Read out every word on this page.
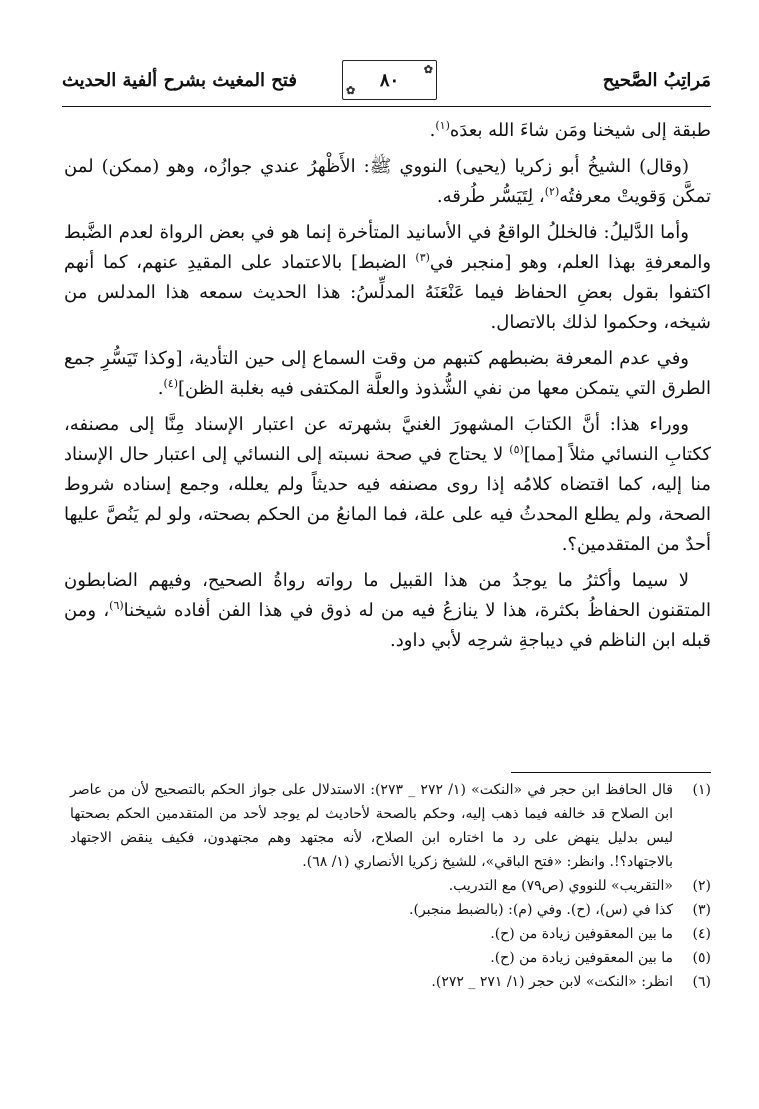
مَراتِبُ الصَّحيح
✿ ٨٠
✿
فتح المغيث بشرح ألفية الحديث

طبقة إلى شيخنا ومَن شاءَ الله بعدَه$^{(١)}$.

(وقال) الشيخُ أبو زكريا (يحيى) النووي ﷺ: الأَظْهرُ عندي جوازُه، وهو (ممكن) لمن تمكَّن وَقويتْ معرفتُه$^{(٢)}$، لِتَيَسُّر طُرقه.

وأما الدَّليلُ: فالخللُ الواقعُ في الأسانيد المتأخرة إنما هو في بعض الرواة لعدم الضَّبط والمعرفةِ بهذا العلم، وهو [منجبر في$^{(٣)}$ الضبط] بالاعتماد على المقيدِ عنهم، كما أنهم اكتفوا بقول بعضِ الحفاظ فيما عَنْعَنَهُ المدلِّسُ: هذا الحديث سمعه هذا المدلس من شيخه، وحكموا لذلك بالاتصال.

وفي عدم المعرفة بضبطهم كتبهم من وقت السماع إلى حين التأدية، [وكذا تَيَسُّرِ جمع الطرق التي يتمكن معها من نفي الشُّذوذ والعلَّة المكتفى فيه بغلبة الظن]$^{(٤)}$.

ووراء هذا: أنَّ الكتابَ المشهورَ الغنيَّ بشهرته عن اعتبار الإسناد مِنَّا إلى مصنفه، ككتابِ النسائي مثلاً [مما]$^{(٥)}$ لا يحتاج في صحة نسبته إلى النسائي إلى اعتبار حال الإسناد منا إليه، كما اقتضاه كلامُه إذا روى مصنفه فيه حديثاً ولم يعلله، وجمع إسناده شروط الصحة، ولم يطلع المحدثُ فيه على علة، فما المانعُ من الحكم بصحته، ولو لم يَنُصَّ عليها أحدٌ من المتقدمين؟.

لا سيما وأكثرُ ما يوجدُ من هذا القبيل ما رواته رواةُ الصحيح، وفيهم الضابطون المتقنون الحفاظُ بكثرة، هذا لا ينازعُ فيه من له ذوق في هذا الفن أفاده شيخنا$^{(٦)}$، ومن قبله ابن الناظم في ديباجةِ شرحِه لأبي داود.

(١)
قال الحافظ ابن حجر في «النكت» (١/ ٢٧٢ _ ٢٧٣): الاستدلال على جواز الحكم بالتصحيح لأن من عاصر ابن الصلاح قد خالفه فيما ذهب إليه، وحكم بالصحة لأحاديث لم يوجد لأحد من المتقدمين الحكم بصحتها ليس بدليل ينهض على رد ما اختاره ابن الصلاح، لأنه مجتهد وهم مجتهدون، فكيف ينقض الاجتهاد بالاجتهاد؟!. وانظر: «فتح الباقي»، للشيخ زكريا الأنصاري (١/ ٦٨).
(٢)
«التقريب» للنووي (ص٧٩) مع التدريب.
(٣)
كذا في (س)، (ح). وفي (م): (بالضبط منجبر).
(٤)
ما بين المعقوفين زيادة من (ح).
(٥)
ما بين المعقوفين زيادة من (ح).
(٦)
انظر: «النكت» لابن حجر (١/ ٢٧١ _ ٢٧٢).
